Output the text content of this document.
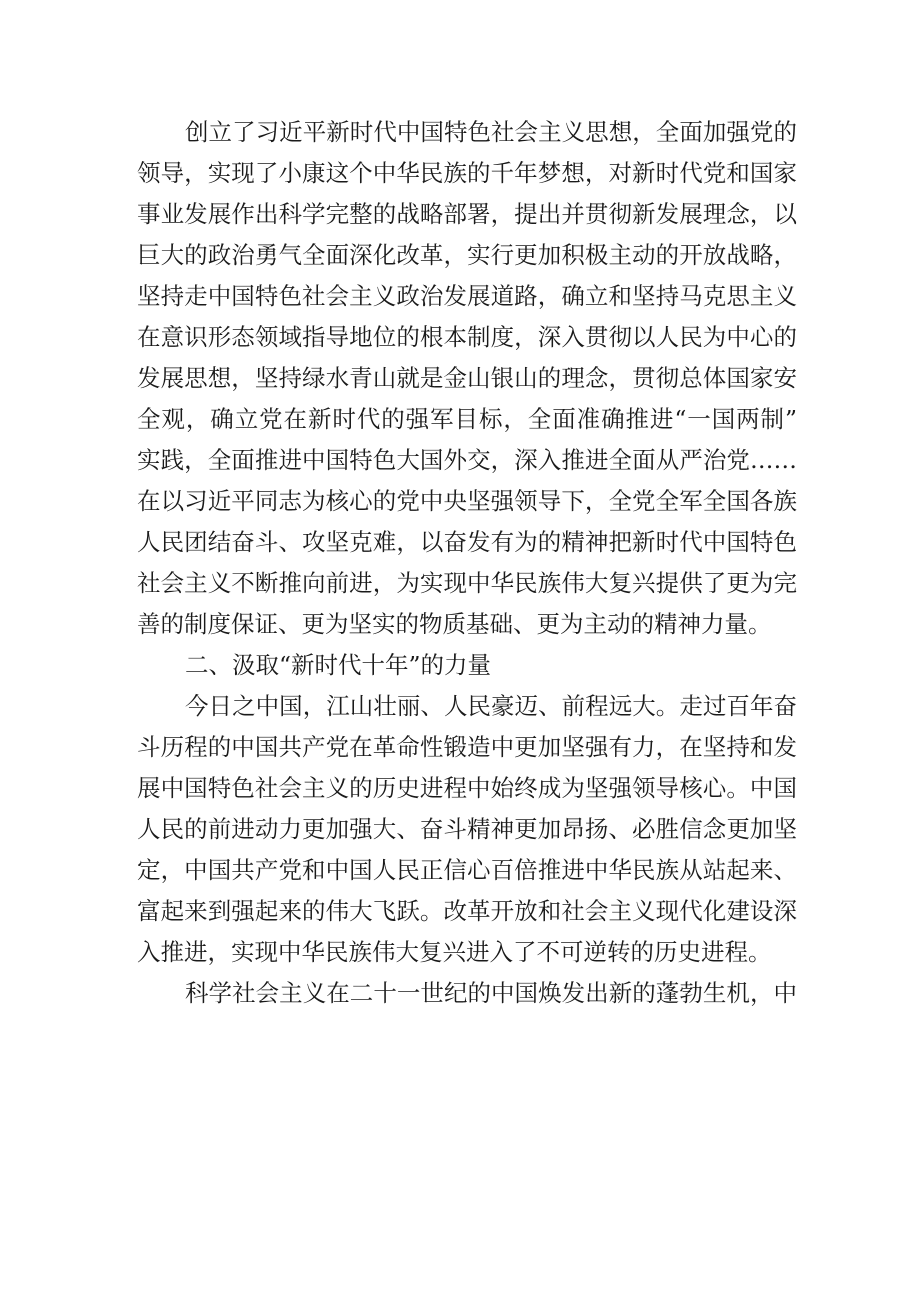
创立了习近平新时代中国特色社会主义思想，全面加强党的
领导，实现了小康这个中华民族的千年梦想，对新时代党和国家
事业发展作出科学完整的战略部署，提出并贯彻新发展理念，以
巨大的政治勇气全面深化改革，实行更加积极主动的开放战略，
坚持走中国特色社会主义政治发展道路，确立和坚持马克思主义
在意识形态领域指导地位的根本制度，深入贯彻以人民为中心的
发展思想，坚持绿水青山就是金山银山的理念，贯彻总体国家安
全观，确立党在新时代的强军目标，全面准确推进“一国两制”
实践，全面推进中国特色大国外交，深入推进全面从严治党……
在以习近平同志为核心的党中央坚强领导下，全党全军全国各族
人民团结奋斗、攻坚克难，以奋发有为的精神把新时代中国特色
社会主义不断推向前进，为实现中华民族伟大复兴提供了更为完
善的制度保证、更为坚实的物质基础、更为主动的精神力量。
二、汲取“新时代十年”的力量
今日之中国，江山壮丽、人民豪迈、前程远大。走过百年奋
斗历程的中国共产党在革命性锻造中更加坚强有力，在坚持和发
展中国特色社会主义的历史进程中始终成为坚强领导核心。中国
人民的前进动力更加强大、奋斗精神更加昂扬、必胜信念更加坚
定，中国共产党和中国人民正信心百倍推进中华民族从站起来、
富起来到强起来的伟大飞跃。改革开放和社会主义现代化建设深
入推进，实现中华民族伟大复兴进入了不可逆转的历史进程。
科学社会主义在二十一世纪的中国焕发出新的蓬勃生机，中
